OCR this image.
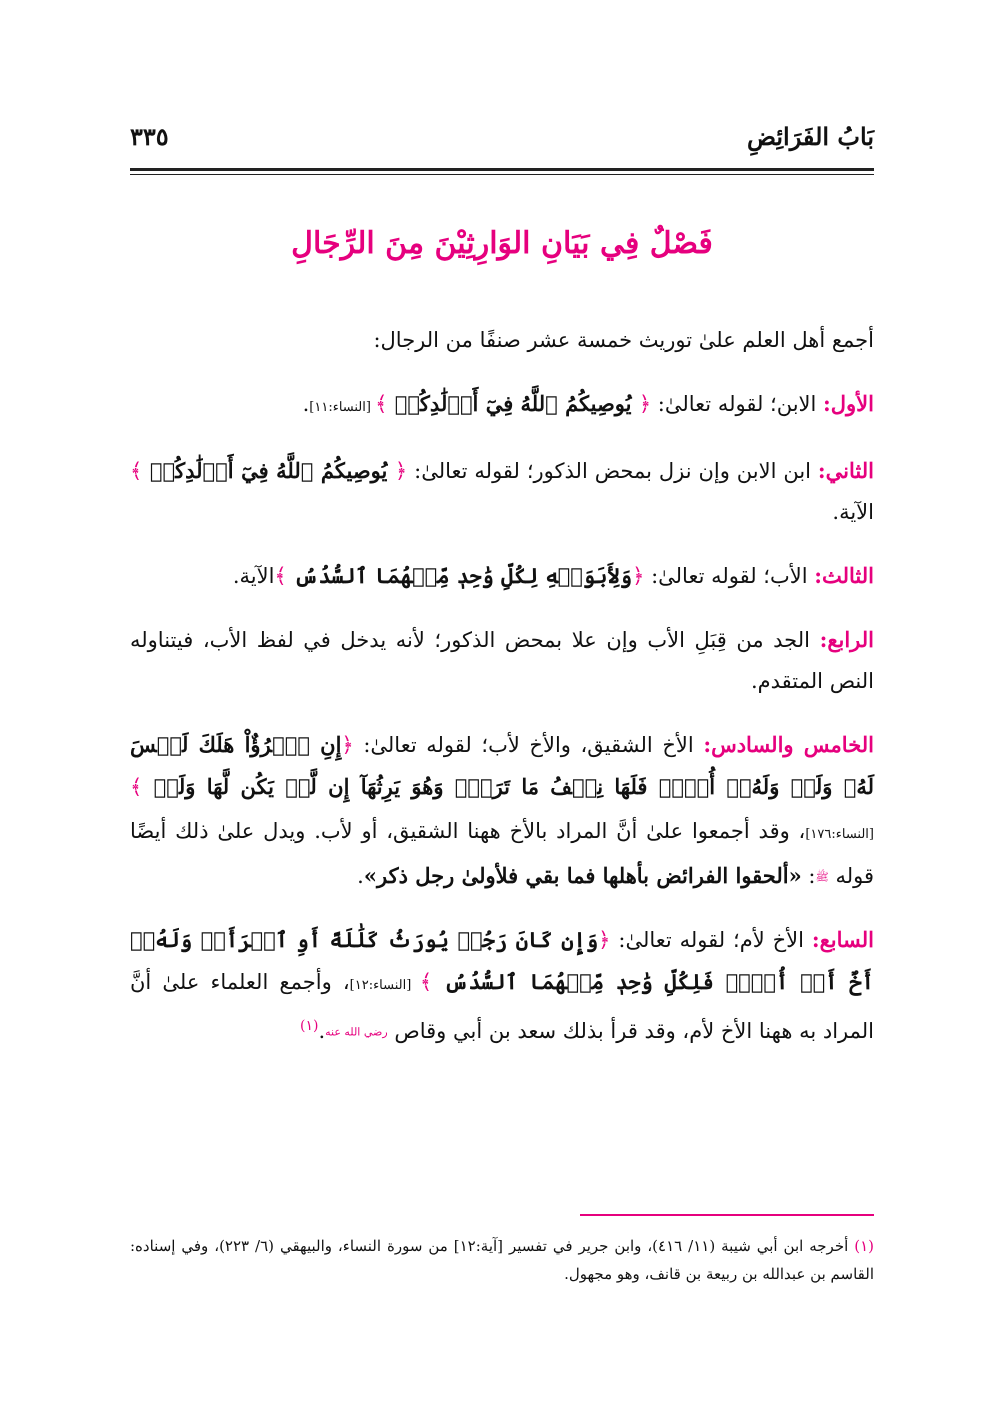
بَابُ الفَرَائِضِ
٣٣٥
فَصْلٌ فِي بَيَانِ الوَارِثِيْنَ مِنَ الرِّجَالِ

أجمع أهل العلم علىٰ توريث خمسة عشر صنفًا من الرجال:

الأول: الابن؛ لقوله تعالىٰ: ﴿ يُوصِيكُمُ ٱللَّهُ فِيٓ أَوۡلَٰدِكُمۡ ﴾ [النساء:١١].

الثاني: ابن الابن وإن نزل بمحض الذكور؛ لقوله تعالىٰ: ﴿ يُوصِيكُمُ ٱللَّهُ فِيٓ أَوۡلَٰدِكُمۡ ﴾ الآية.

الثالث: الأب؛ لقوله تعالىٰ: ﴿وَلِأَبَوَيۡهِ لِكُلِّ وَٰحِدٖ مِّنۡهُمَا ٱلسُّدُسُ ﴾الآية.

الرابع: الجد من قِبَلِ الأب وإن علا بمحض الذكور؛ لأنه يدخل في لفظ الأب، فيتناوله النص المتقدم.

الخامس والسادس: الأخ الشقيق، والأخ لأب؛ لقوله تعالىٰ: ﴿إِنِ ٱمۡرُؤٌاْ هَلَكَ لَيۡسَ لَهُۥ وَلَدٞ وَلَهُۥٓ أُخۡتٞ فَلَهَا نِصۡفُ مَا تَرَكَۚ وَهُوَ يَرِثُهَآ إِن لَّمۡ يَكُن لَّهَا وَلَدٞ ﴾ [النساء:١٧٦]، وقد أجمعوا علىٰ أنَّ المراد بالأخ ههنا الشقيق، أو لأب. ويدل علىٰ ذلك أيضًا قوله ﷺ: «ألحقوا الفرائض بأهلها فما بقي فلأولىٰ رجل ذكر».

السابع: الأخ لأم؛ لقوله تعالىٰ: ﴿وَإِن كَانَ رَجُلٞ يُورَثُ كَلَٰلَةً أَوِ ٱمۡرَأَةٞ وَلَهُۥٓ أَخٌ أَوۡ أُخۡتٞ فَلِكُلِّ وَٰحِدٖ مِّنۡهُمَا ٱلسُّدُسُ ﴾ [النساء:١٢]، وأجمع العلماء علىٰ أنَّ المراد به ههنا الأخ لأم، وقد قرأ بذلك سعد بن أبي وقاص رضي الله عنه.$^{(١)}$

(١) أخرجه ابن أبي شيبة (١١/ ٤١٦)، وابن جرير في تفسير [آية:١٢] من سورة النساء، والبيهقي (٦/ ٢٢٣)، وفي إسناده: القاسم بن عبدالله بن ربيعة بن قانف، وهو مجهول.
